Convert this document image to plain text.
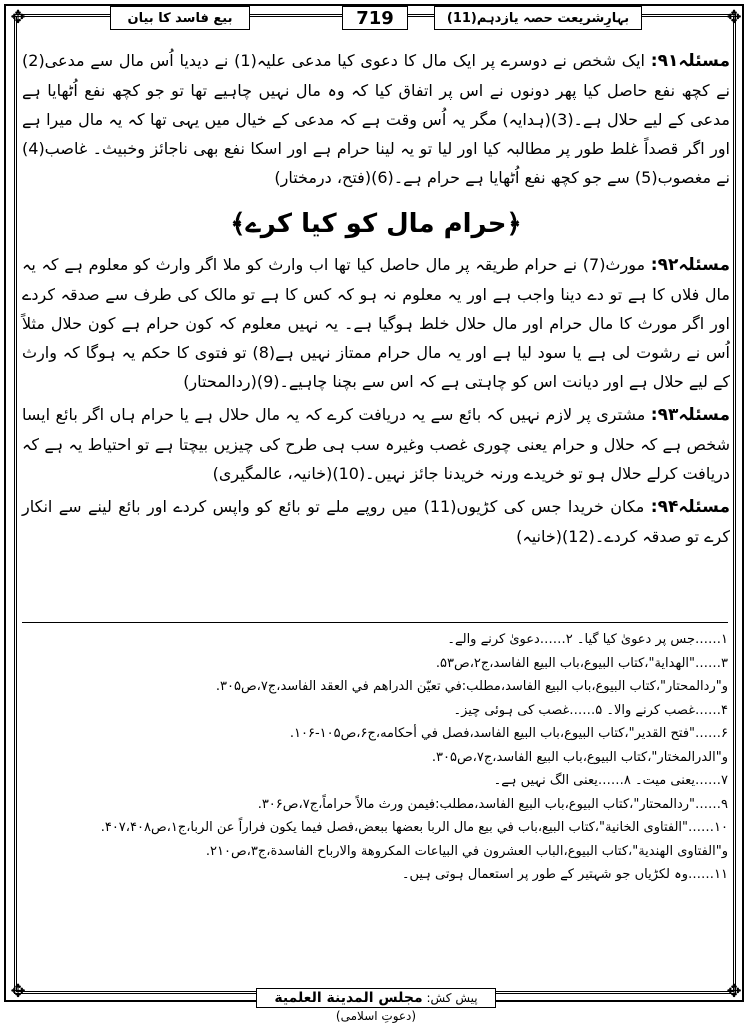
✥	✥
✥	✥
بہارِشریعت حصہ یازدہم(11)
719
بیع فاسد کا بیان

مسئلہ۹۱: ایک شخص نے دوسرے پر ایک مال کا دعوی کیا مدعی علیہ(1) نے دیدیا اُس مال سے مدعی(2) نے کچھ نفع حاصل کیا پھر دونوں نے اس پر اتفاق کیا کہ وہ مال نہیں چاہیے تھا تو جو کچھ نفع اُٹھایا ہے مدعی کے لیے حلال ہے۔(3)(ہدایہ) مگر یہ اُس وقت ہے کہ مدعی کے خیال میں یہی تھا کہ یہ مال میرا ہے اور اگر قصداً غلط طور پر مطالبہ کیا اور لیا تو یہ لینا حرام ہے اور اسکا نفع بھی ناجائز وخبیث۔ غاصب(4) نے مغصوب(5) سے جو کچھ نفع اُٹھایا ہے حرام ہے۔(6)(فتح، درمختار)

﴿حرام مال کو کیا کرے﴾

مسئلہ۹۲: مورث(7) نے حرام طریقہ پر مال حاصل کیا تھا اب وارث کو ملا اگر وارث کو معلوم ہے کہ یہ مال فلاں کا ہے تو دے دینا واجب ہے اور یہ معلوم نہ ہو کہ کس کا ہے تو مالک کی طرف سے صدقہ کردے اور اگر مورث کا مال حرام اور مال حلال خلط ہوگیا ہے۔ یہ نہیں معلوم کہ کون حرام ہے کون حلال مثلاً اُس نے رشوت لی ہے یا سود لیا ہے اور یہ مال حرام ممتاز نہیں ہے(8) تو فتوی کا حکم یہ ہوگا کہ وارث کے لیے حلال ہے اور دیانت اس کو چاہتی ہے کہ اس سے بچنا چاہیے۔(9)(ردالمحتار)

مسئلہ۹۳: مشتری پر لازم نہیں کہ بائع سے یہ دریافت کرے کہ یہ مال حلال ہے یا حرام ہاں اگر بائع ایسا شخص ہے کہ حلال و حرام یعنی چوری غصب وغیرہ سب ہی طرح کی چیزیں بیچتا ہے تو احتیاط یہ ہے کہ دریافت کرلے حلال ہو تو خریدے ورنہ خریدنا جائز نہیں۔(10)(خانیہ، عالمگیری)

مسئلہ۹۴: مکان خریدا جس کی کڑیوں(11) میں روپے ملے تو بائع کو واپس کردے اور بائع لینے سے انکار کرے تو صدقہ کردے۔(12)(خانیہ)

۱……جس پر دعویٰ کیا گیا۔ ۲……دعویٰ کرنے والے۔
۳……"الهداية"،كتاب البيوع،باب البيع الفاسد،ج۲،ص۵۳.
و"ردالمحتار"،كتاب البيوع،باب البيع الفاسد،مطلب:في تعيّن الدراهم في العقد الفاسد،ج۷،ص۳۰۵.
۴……غصب کرنے والا۔ ۵……غصب کی ہوئی چیز۔
۶……"فتح القدير"،كتاب البيوع،باب البيع الفاسد،فصل في أحكامه،ج۶،ص۱۰۵-۱۰۶.
و"الدرالمختار"،كتاب البيوع،باب البيع الفاسد،ج۷،ص۳۰۵.
۷……یعنی میت۔ ۸……یعنی الگ نہیں ہے۔
۹……"ردالمحتار"،كتاب البيوع،باب البيع الفاسد،مطلب:فيمن ورث مالاً حراماً،ج۷،ص۳۰۶.
۱۰……"الفتاوى الخانية"،كتاب البيع،باب في بيع مال الربا بعضها ببعض،فصل فيما يكون فراراً عن الربا،ج۱،ص۴۰۷،۴۰۸.
و"الفتاوى الهندية"،كتاب البيوع،الباب العشرون في البياعات المكروهة والارباح الفاسدة،ج۳،ص۲۱۰.
۱۱……وہ لکڑیاں جو شہتیر کے طور پر استعمال ہوتی ہیں۔
پیش کش: مجلس المدينة العلمية (دعوتِ اسلامی)
